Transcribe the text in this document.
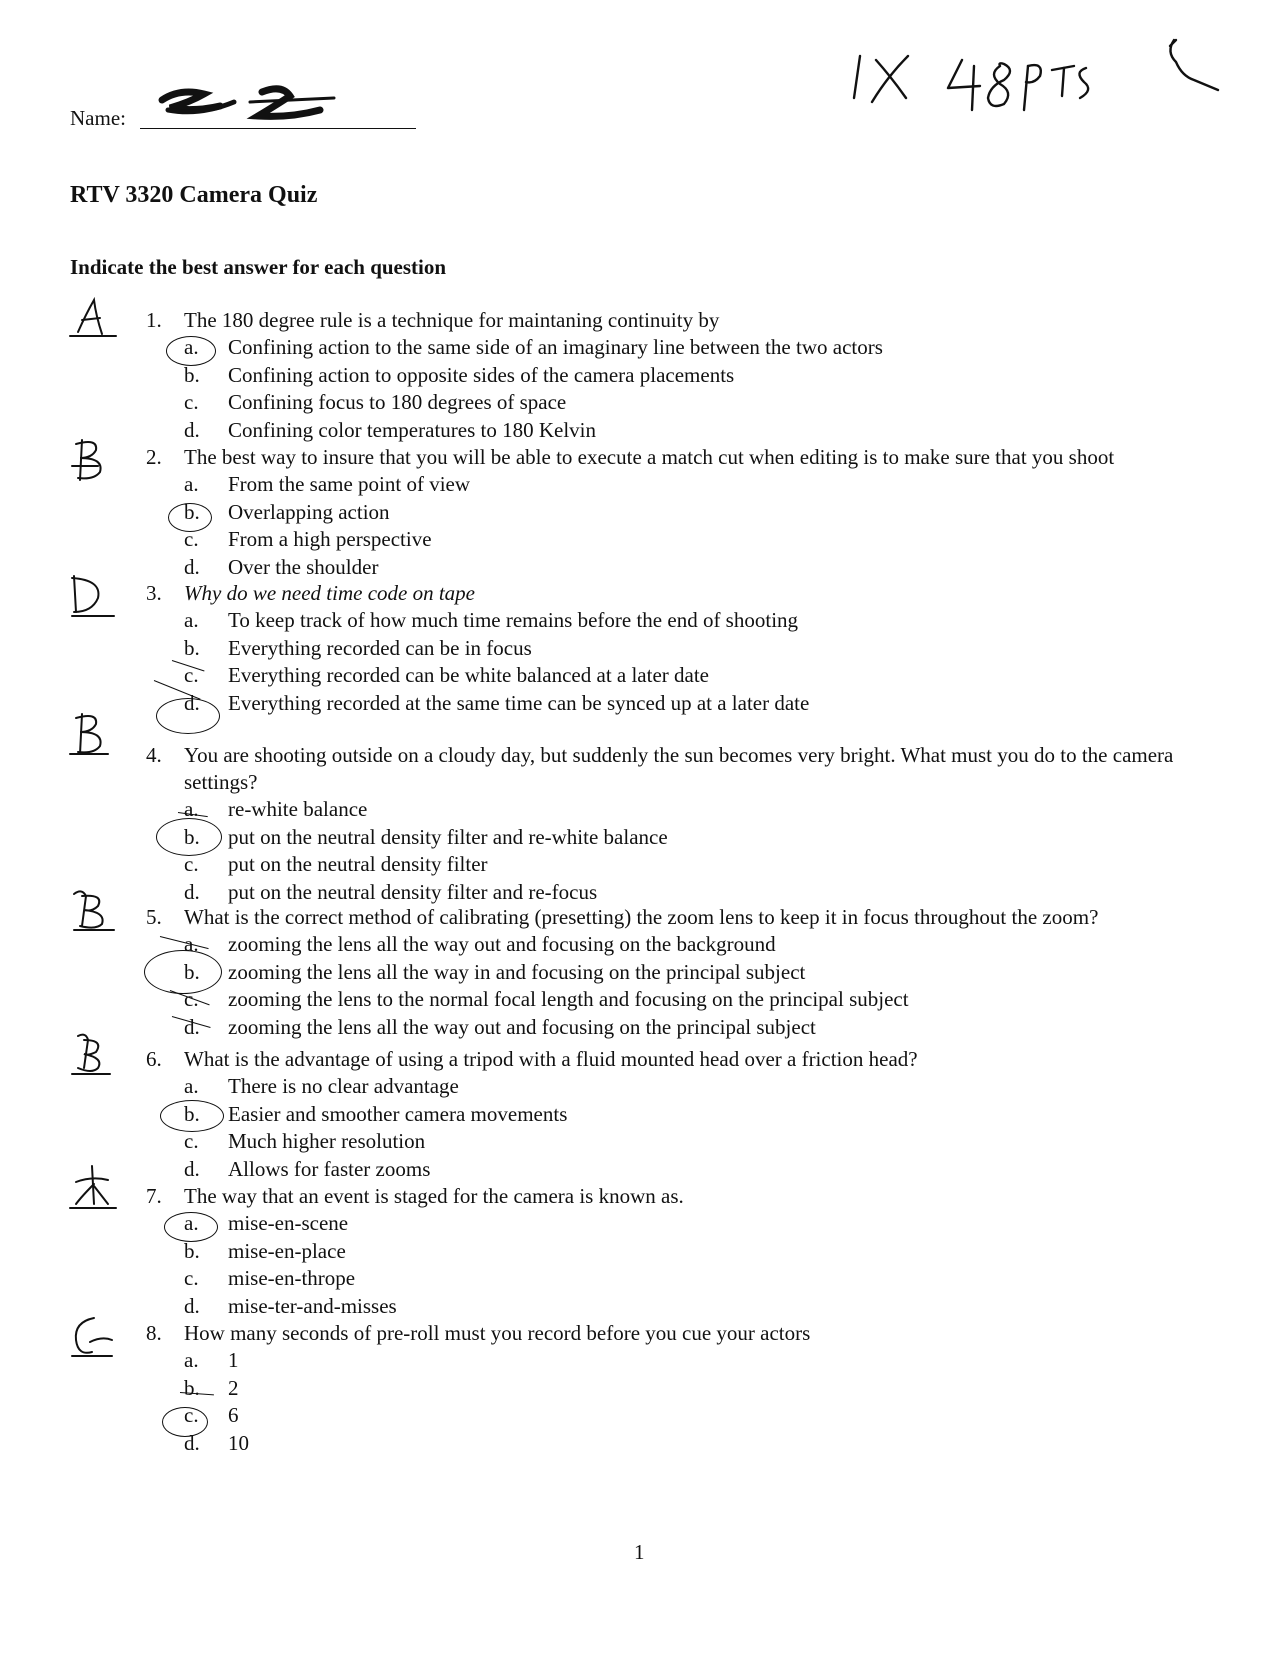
Name:
RTV 3320 Camera Quiz
Indicate the best answer for each question
1.	The 180 degree rule is a technique for maintaning continuity by
a.	Confining action to the same side of an imaginary line between the two actors
b.	Confining action to opposite sides of the camera placements
c.	Confining focus to 180 degrees of space
d.	Confining color temperatures to 180 Kelvin
2.	The best way to insure that you will be able to execute a match cut when editing is to make sure that you shoot
a.	From the same point of view
b.	Overlapping action
c.	From a high perspective
d.	Over the shoulder
3.	Why do we need time code on tape
a.	To keep track of how much time remains before the end of shooting
b.	Everything recorded can be in focus
c.	Everything recorded can be white balanced at a later date
d.	Everything recorded at the same time can be synced up at a later date
4.	You are shooting outside on a cloudy day, but suddenly the sun becomes very bright. What must you do to the camera settings?
a.	re-white balance
b.	put on the neutral density filter and re-white balance
c.	put on the neutral density filter
d.	put on the neutral density filter and re-focus
5.	What is the correct method of calibrating (presetting) the zoom lens to keep it in focus throughout the zoom?
a.	zooming the lens all the way out and focusing on the background
b.	zooming the lens all the way in and focusing on the principal subject
c.	zooming the lens to the normal focal length and focusing on the principal subject
d.	zooming the lens all the way out and focusing on the principal subject
6.	What is the advantage of using a tripod with a fluid mounted head over a friction head?
a.	There is no clear advantage
b.	Easier and smoother camera movements
c.	Much higher resolution
d.	Allows for faster zooms
7.	The way that an event is staged for the camera is known as.
a.	mise-en-scene
b.	mise-en-place
c.	mise-en-thrope
d.	mise-ter-and-misses
8.	How many seconds of pre-roll must you record before you cue your actors
a.	1
b.	2
c.	6
d.	10
1
